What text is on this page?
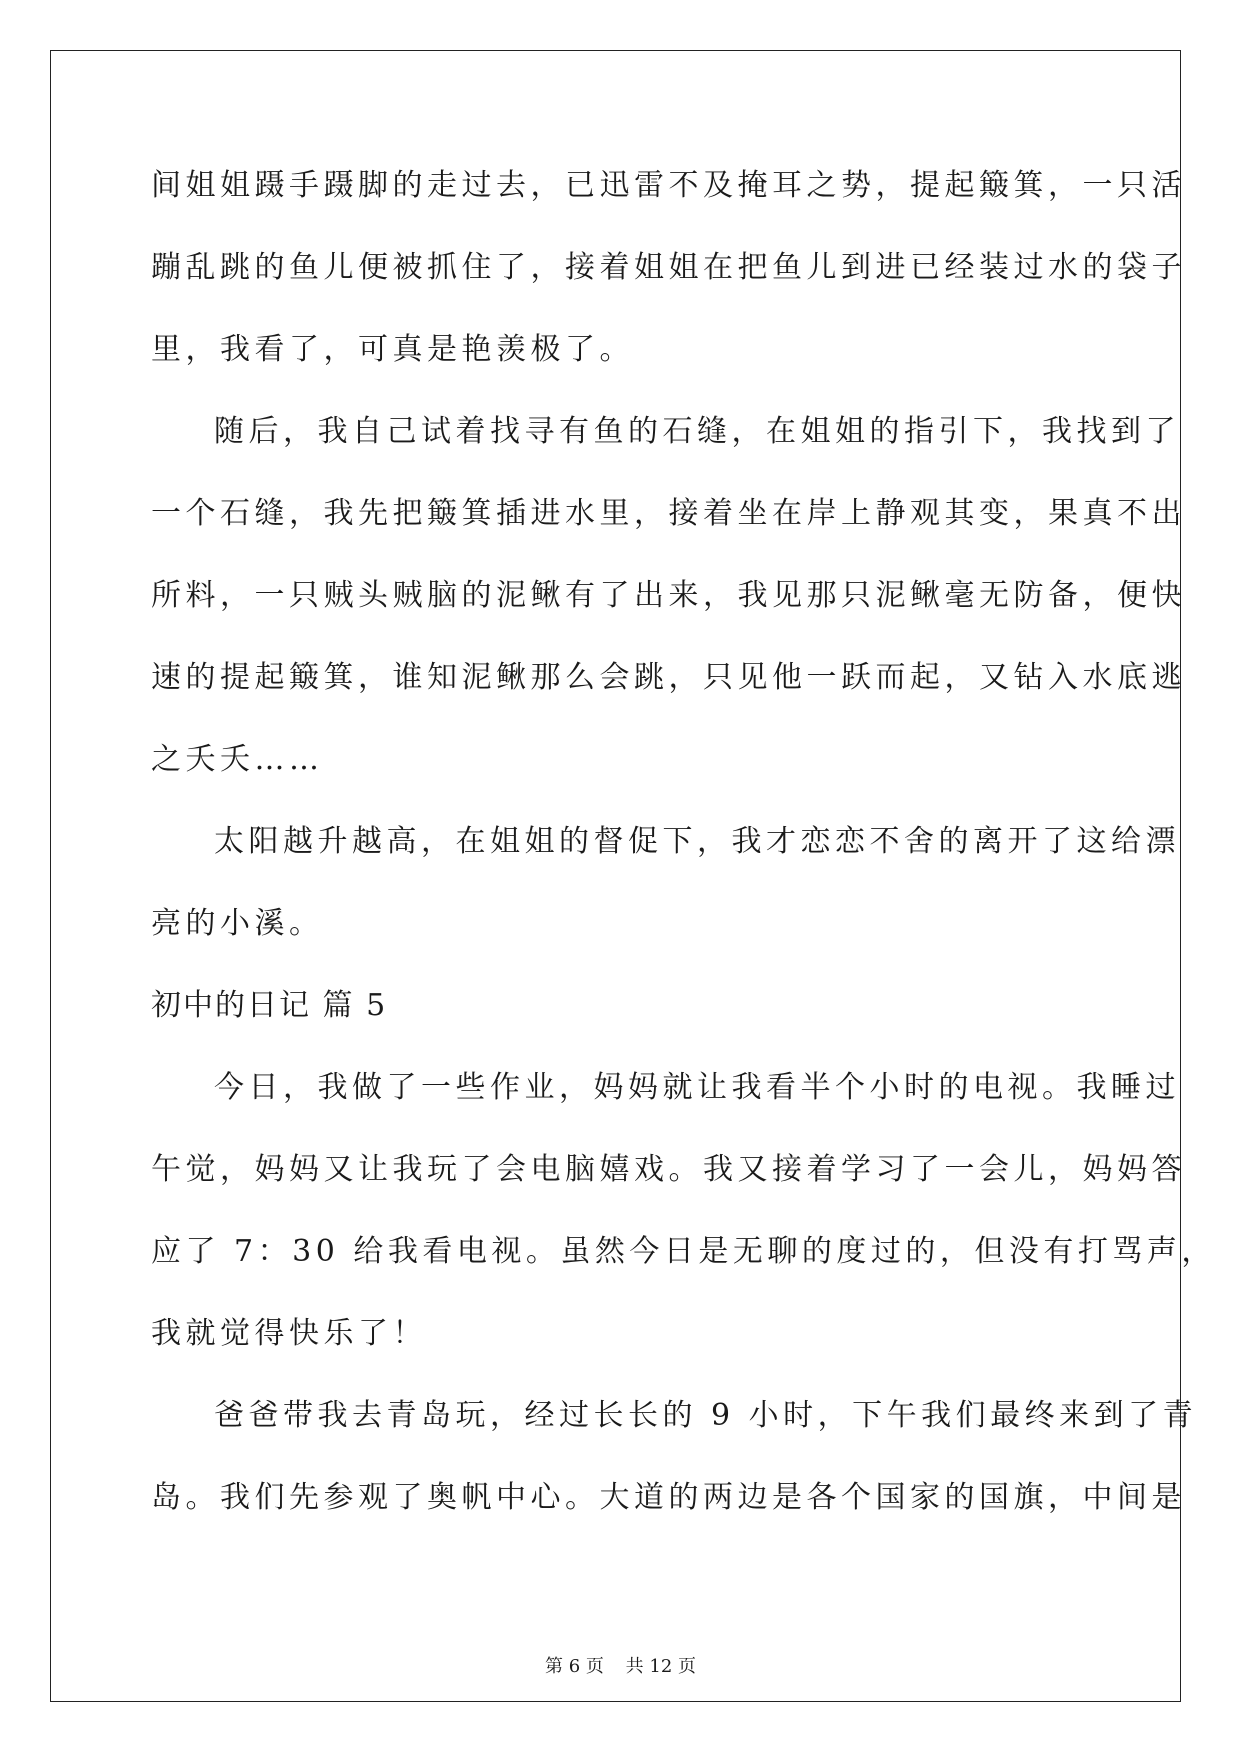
间姐姐蹑手蹑脚的走过去，已迅雷不及掩耳之势，提起簸箕，一只活
蹦乱跳的鱼儿便被抓住了，接着姐姐在把鱼儿到进已经装过水的袋子
里，我看了，可真是艳羡极了。
随后，我自己试着找寻有鱼的石缝，在姐姐的指引下，我找到了
一个石缝，我先把簸箕插进水里，接着坐在岸上静观其变，果真不出
所料，一只贼头贼脑的泥鳅有了出来，我见那只泥鳅毫无防备，便快
速的提起簸箕，谁知泥鳅那么会跳，只见他一跃而起，又钻入水底逃
之夭夭……
太阳越升越高，在姐姐的督促下，我才恋恋不舍的离开了这给漂
亮的小溪。
初中的日记 篇 5
今日，我做了一些作业，妈妈就让我看半个小时的电视。我睡过
午觉，妈妈又让我玩了会电脑嬉戏。我又接着学习了一会儿，妈妈答
应了 7：30 给我看电视。虽然今日是无聊的度过的，但没有打骂声，
我就觉得快乐了！
爸爸带我去青岛玩，经过长长的 9 小时，下午我们最终来到了青
岛。我们先参观了奥帆中心。大道的两边是各个国家的国旗，中间是
第 6 页 共 12 页
